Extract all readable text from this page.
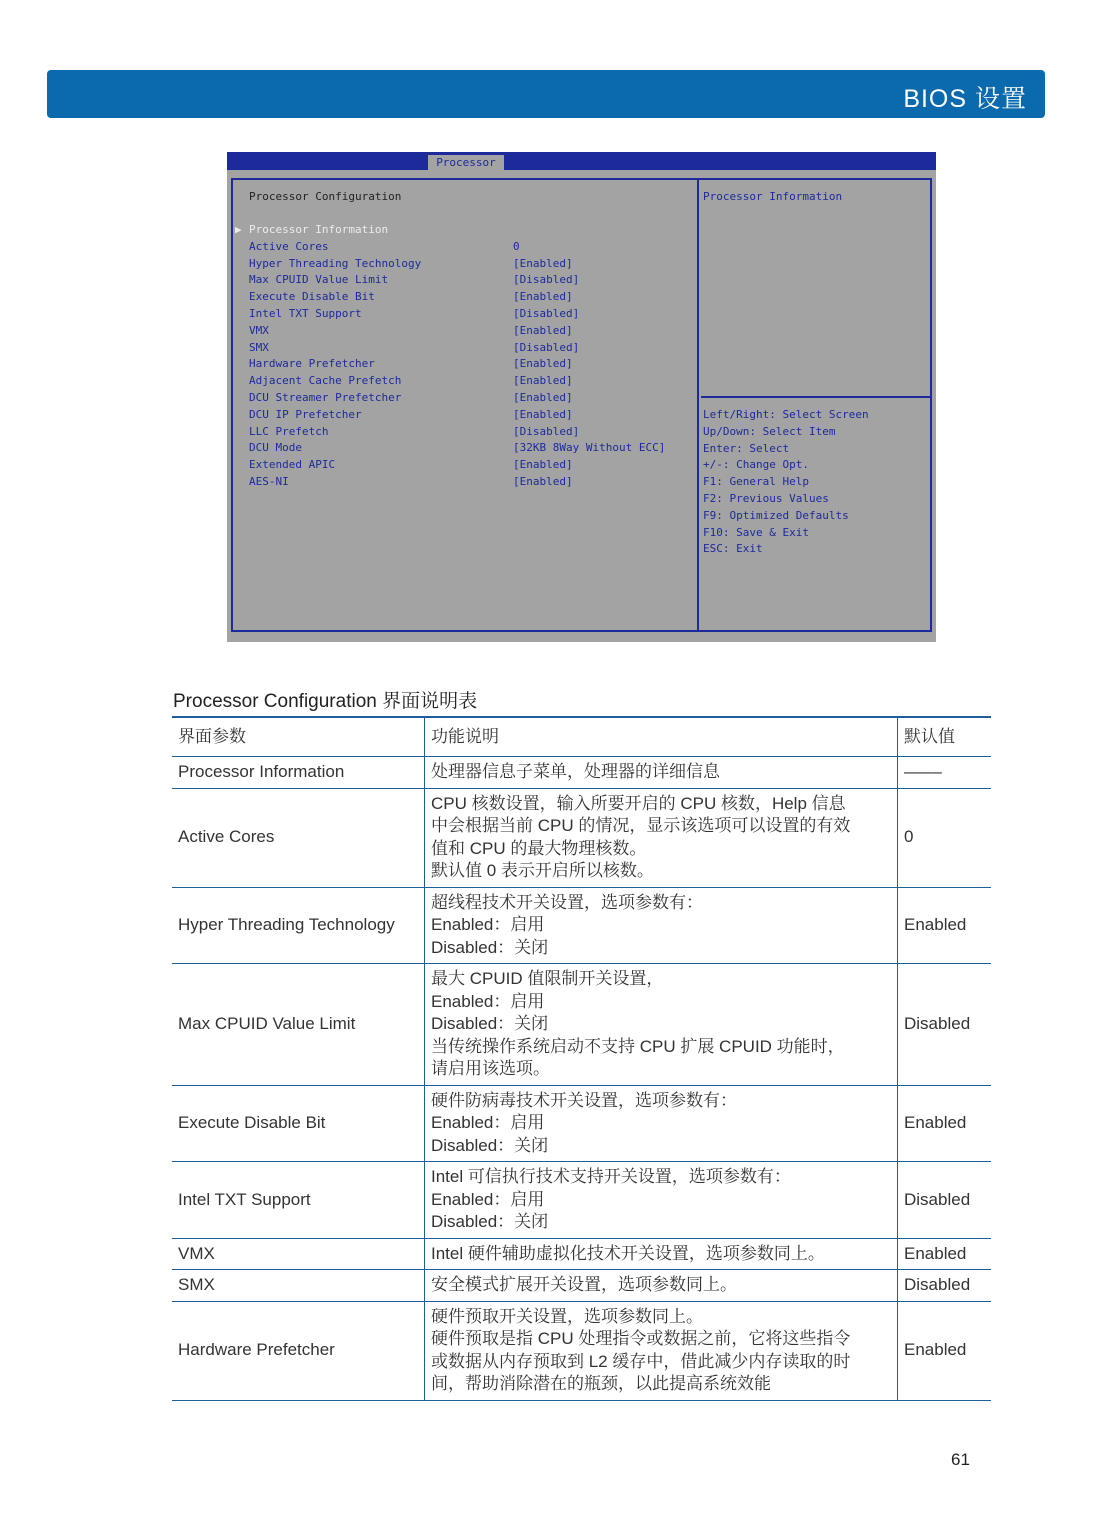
BIOS 设置
Processor
Processor Configuration
▶ Processor Information
Active Cores	0
Hyper Threading Technology	[Enabled]
Max CPUID Value Limit	[Disabled]
Execute Disable Bit	[Enabled]
Intel TXT Support	[Disabled]
VMX	[Enabled]
SMX	[Disabled]
Hardware Prefetcher	[Enabled]
Adjacent Cache Prefetch	[Enabled]
DCU Streamer Prefetcher	[Enabled]
DCU IP Prefetcher	[Enabled]
LLC Prefetch	[Disabled]
DCU Mode	[32KB 8Way Without ECC]
Extended APIC	[Enabled]
AES-NI	[Enabled]
Processor Information
Left/Right: Select Screen
Up/Down: Select Item
Enter: Select
+/-: Change Opt.
F1: General Help
F2: Previous Values
F9: Optimized Defaults
F10: Save & Exit
ESC: Exit
Processor Configuration 界面说明表
界面参数	功能说明	默认值
Processor Information	处理器信息子菜单，处理器的详细信息	––––
Active Cores	CPU 核数设置，输入所要开启的 CPU 核数，Help 信息
中会根据当前 CPU 的情况，显示该选项可以设置的有效
值和 CPU 的最大物理核数。
默认值 0 表示开启所以核数。	0
Hyper Threading Technology	超线程技术开关设置，选项参数有：
Enabled：启用
Disabled：关闭	Enabled
Max CPUID Value Limit	最大 CPUID 值限制开关设置，
Enabled：启用
Disabled：关闭
当传统操作系统启动不支持 CPU 扩展 CPUID 功能时，
请启用该选项。	Disabled
Execute Disable Bit	硬件防病毒技术开关设置，选项参数有：
Enabled：启用
Disabled：关闭	Enabled
Intel TXT Support	Intel 可信执行技术支持开关设置，选项参数有：
Enabled：启用
Disabled：关闭	Disabled
VMX	Intel 硬件辅助虚拟化技术开关设置，选项参数同上。	Enabled
SMX	安全模式扩展开关设置，选项参数同上。	Disabled
Hardware Prefetcher	硬件预取开关设置，选项参数同上。
硬件预取是指 CPU 处理指令或数据之前，它将这些指令
或数据从内存预取到 L2 缓存中，借此减少内存读取的时
间，帮助消除潜在的瓶颈，以此提高系统效能	Enabled
61
